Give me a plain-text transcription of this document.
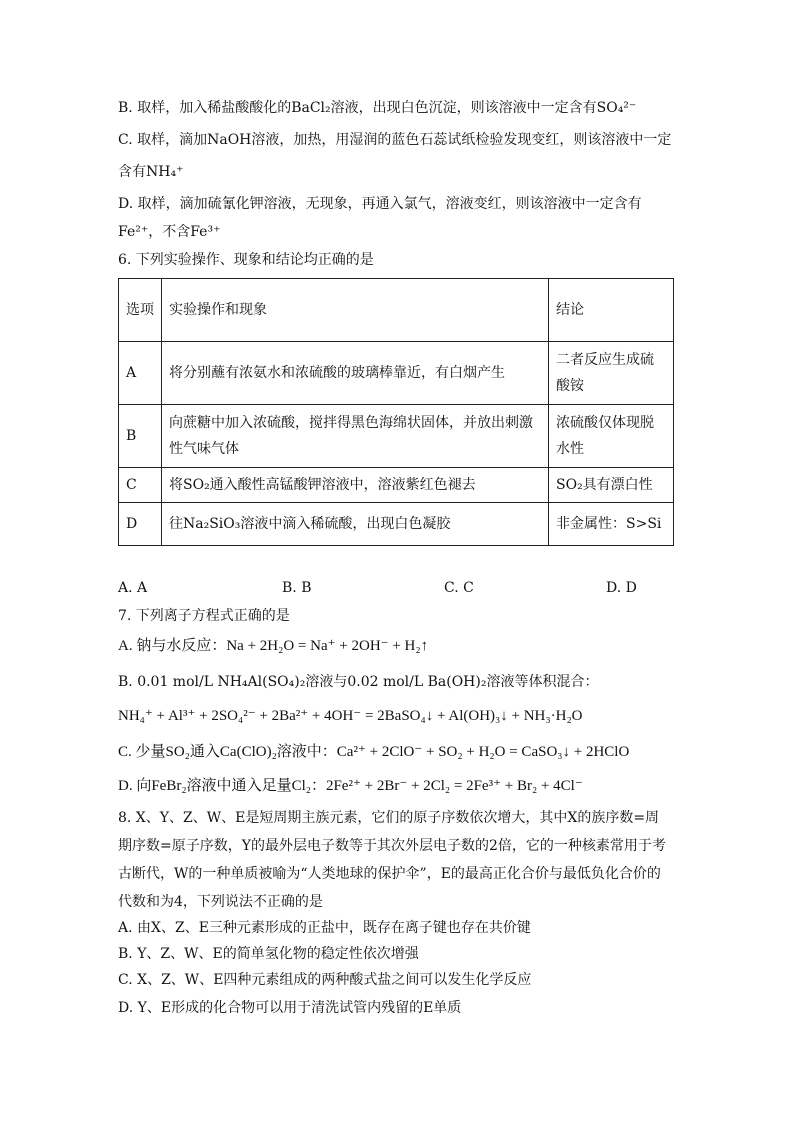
B. 取样，加入稀盐酸酸化的BaCl₂溶液，出现白色沉淀，则该溶液中一定含有SO₄²⁻
C. 取样，滴加NaOH溶液，加热，用湿润的蓝色石蕊试纸检验发现变红，则该溶液中一定
含有NH₄⁺
D. 取样，滴加硫氰化钾溶液，无现象，再通入氯气，溶液变红，则该溶液中一定含有
Fe²⁺，不含Fe³⁺
6. 下列实验操作、现象和结论均正确的是
选项	实验操作和现象	结论
A	将分别蘸有浓氨水和浓硫酸的玻璃棒靠近，有白烟产生	二者反应生成硫酸铵
B	向蔗糖中加入浓硫酸，搅拌得黑色海绵状固体，并放出刺激性气味气体	浓硫酸仅体现脱水性
C	将SO₂通入酸性高锰酸钾溶液中，溶液紫红色褪去	SO₂具有漂白性
D	往Na₂SiO₃溶液中滴入稀硫酸，出现白色凝胶	非金属性：S>Si
A. A	B. B	C. C	D. D
7. 下列离子方程式正确的是
A. 钠与水反应：Na + 2H₂O = Na⁺ + 2OH⁻ + H₂↑
B. 0.01 mol/L NH₄Al(SO₄)₂溶液与0.02 mol/L Ba(OH)₂溶液等体积混合：
NH₄⁺ + Al³⁺ + 2SO₄²⁻ + 2Ba²⁺ + 4OH⁻ = 2BaSO₄↓ + Al(OH)₃↓ + NH₃·H₂O
C. 少量SO₂通入Ca(ClO)₂溶液中：Ca²⁺ + 2ClO⁻ + SO₂ + H₂O = CaSO₃↓ + 2HClO
D. 向FeBr₂溶液中通入足量Cl₂：2Fe²⁺ + 2Br⁻ + 2Cl₂ = 2Fe³⁺ + Br₂ + 4Cl⁻
8. X、Y、Z、W、E是短周期主族元素，它们的原子序数依次增大，其中X的族序数=周
期序数=原子序数，Y的最外层电子数等于其次外层电子数的2倍，它的一种核素常用于考
古断代，W的一种单质被喻为“人类地球的保护伞”，E的最高正化合价与最低负化合价的
代数和为4，下列说法不正确的是
A. 由X、Z、E三种元素形成的正盐中，既存在离子键也存在共价键
B. Y、Z、W、E的简单氢化物的稳定性依次增强
C. X、Z、W、E四种元素组成的两种酸式盐之间可以发生化学反应
D. Y、E形成的化合物可以用于清洗试管内残留的E单质
